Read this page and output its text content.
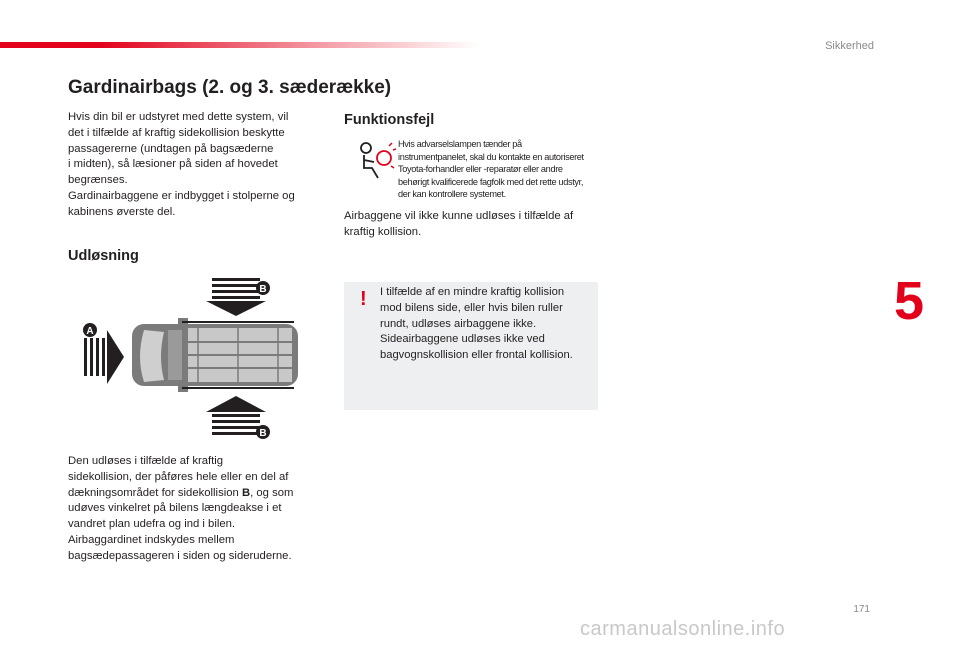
Sikkerhed
Gardinairbags (2. og 3. sæderække)
Hvis din bil er udstyret med dette system, vil
det i tilfælde af kraftig sidekollision beskytte
passagererne (undtagen på bagsæderne
i midten), så læsioner på siden af hovedet
begrænses.
Gardinairbaggene er indbygget i stolperne og
kabinens øverste del.
Udløsning
B
A
B
Den udløses i tilfælde af kraftig
sidekollision, der påføres hele eller en del af
dækningsområdet for sidekollision B, og som
udøves vinkelret på bilens længdeakse i et
vandret plan udefra og ind i bilen.
Airbaggardinet indskydes mellem
bagsædepassageren i siden og sideruderne.
Funktionsfejl
Hvis advarselslampen tænder på
instrumentpanelet, skal du kontakte en autoriseret
Toyota-forhandler eller -reparatør eller andre
behørigt kvalificerede fagfolk med det rette udstyr,
der kan kontrollere systemet.
Airbaggene vil ikke kunne udløses i tilfælde af
kraftig kollision.
! I tilfælde af en mindre kraftig kollision
mod bilens side, eller hvis bilen ruller
rundt, udløses airbaggene ikke.
Sideairbaggene udløses ikke ved
bagvognskollision eller frontal kollision.
5
171
carmanualsonline.info
